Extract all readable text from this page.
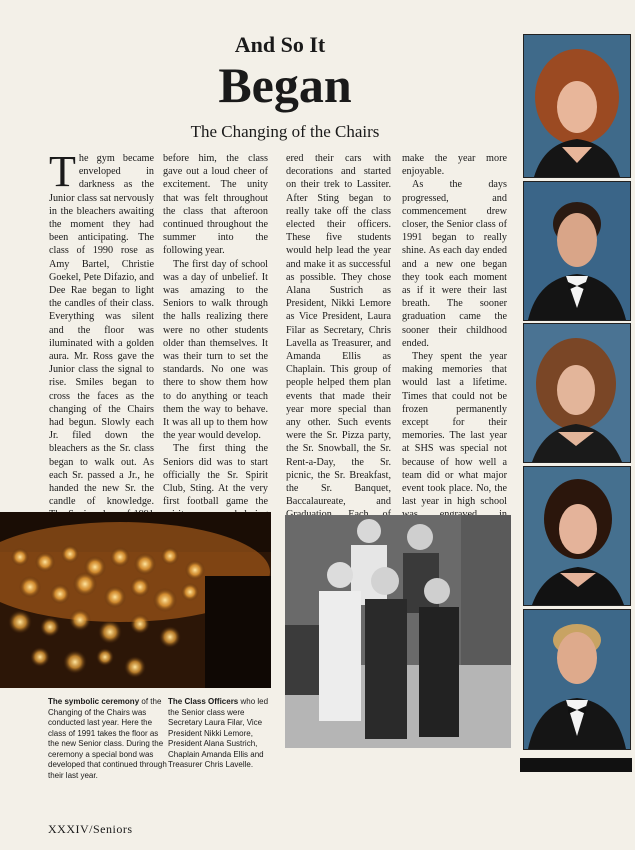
And So It
Began
The Changing of the Chairs

The gym became enveloped in darkness as the Junior class sat nervously in the bleachers awaiting the moment they had been anticipating. The class of 1990 rose as Amy Bartel, Christie Goekel, Pete Difazio, and Dee Rae began to light the candles of their class. Everything was silent and the floor was iluminated with a golden aura. Mr. Ross gave the Junior class the signal to rise. Smiles began to cross the faces as the changing of the Chairs had begun. Slowly each Jr. filed down the bleachers as the Sr. class began to walk out. As each Sr. passed a Jr., he handed the new Sr. the candle of knowledge.

before him, the class gave out a loud cheer of excitement. The unity that was felt throughout the class that afteroon continued throughout the summer into the following year.

The first day of school was a day of unbelief. It was amazing to the Seniors to walk through the halls realizing there were no other students older than themselves. It was their turn to set the standards. No one was there to show them how to do anything or teach them the way to behave. It was all up to them how the year would develop.

The first thing the Seniors did was to start officially the Sr. Spirit Club, Sting. At the very first football game the

ered their cars with decorations and started on their trek to Lassiter. After Sting began to really take off the class elected their officers. These five students would help lead the year and make it as successful as possible. They chose Alana Sustrich as President, Nikki Lemore as Vice President, Laura Filar as Secretary, Chris Lavella as Treasurer, and Amanda Ellis as Chaplain. This group of people helped them plan events that made their year more special than any other. Such events were the Sr. Pizza party, the Sr. Snowball, the Sr. Rent-a-Day, the Sr. picnic, the Sr. Breakfast, the Sr. Banquet, Baccalaureate, and

make the year more enjoyable.

As the days progressed, and commencement drew closer, the Senior class of 1991 began to really shine. As each day ended and a new one began they took each moment as if it were their last breath. The sooner graduation came the sooner their childhood ended.

They spent the year making memories that would last a lifetime. Times that could not be frozen permanently except for their memories. The last year at SHS was special not because of how well a team did or what major event took place. No, the last year in high school

The symbolic ceremony of the Changing of the Chairs was conducted last year. Here the class of 1991 takes the floor as the new Senior class. During the ceremony a special bond was developed that continued through their last year.
The Class Officers who led the Senior class were Secretary Laura Filar, Vice President Nikki Lemore, President Alana Sustrich, Chaplain Amanda Ellis and Treasurer Chris Lavelle.
XXXIV/Seniors
